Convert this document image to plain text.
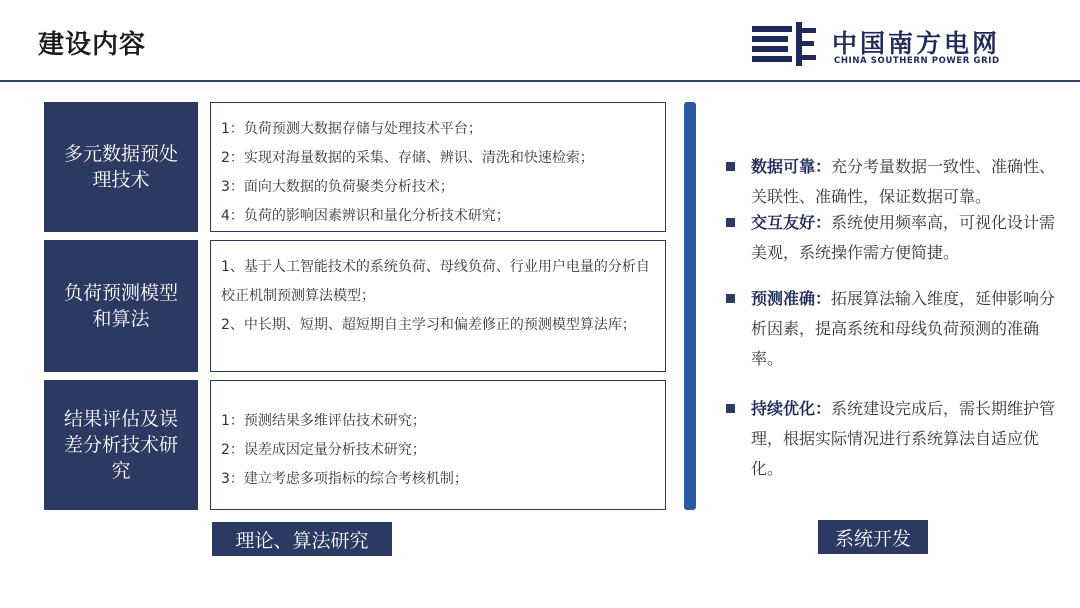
建设内容	中国南方电网
CHINA SOUTHERN POWER GRID
多元数据预处理技术
1：负荷预测大数据存储与处理技术平台；
2：实现对海量数据的采集、存储、辨识、清洗和快速检索；
3：面向大数据的负荷聚类分析技术；
4：负荷的影响因素辨识和量化分析技术研究；
负荷预测模型和算法
1、基于人工智能技术的系统负荷、母线负荷、行业用户电量的分析自校正机制预测算法模型；
2、中长期、短期、超短期自主学习和偏差修正的预测模型算法库；
结果评估及误差分析技术研究
1：预测结果多维评估技术研究；
2：误差成因定量分析技术研究；
3：建立考虑多项指标的综合考核机制；
数据可靠：充分考量数据一致性、准确性、关联性、准确性，保证数据可靠。
交互友好：系统使用频率高，可视化设计需美观，系统操作需方便简捷。
预测准确：拓展算法输入维度，延伸影响分析因素，提高系统和母线负荷预测的准确率。
持续优化：系统建设完成后，需长期维护管理，根据实际情况进行系统算法自适应优化。
理论、算法研究	系统开发
